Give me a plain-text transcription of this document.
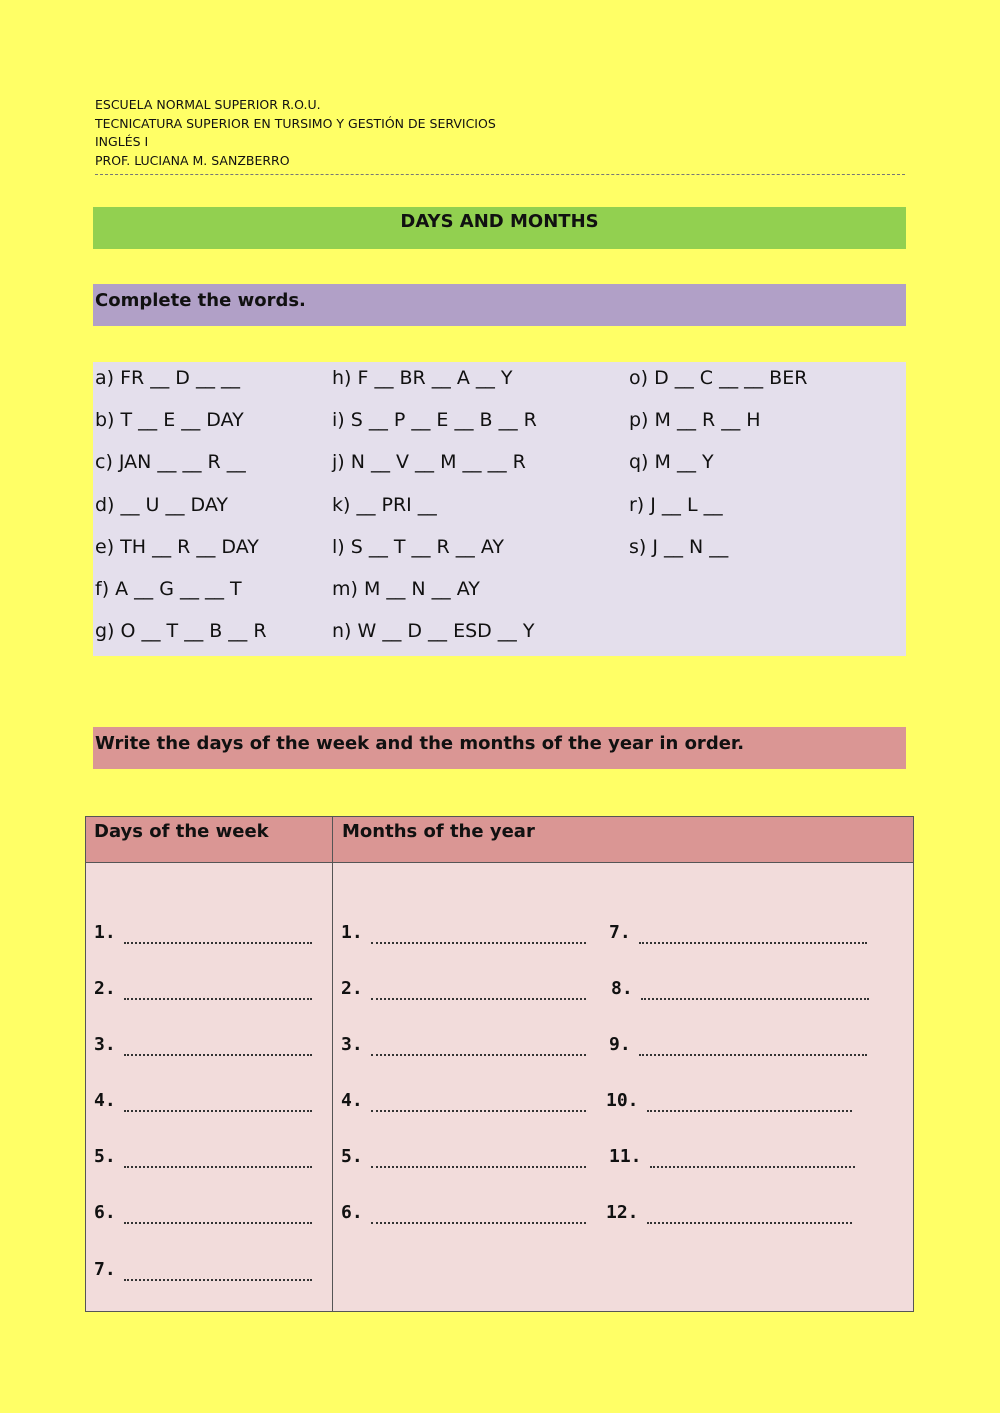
ESCUELA NORMAL SUPERIOR R.O.U.
TECNICATURA SUPERIOR EN TURSIMO Y GESTIÓN DE SERVICIOS
INGLÉS I
PROF. LUCIANA M. SANZBERRO
DAYS AND MONTHS
Complete the words.
a) FR __ D __ __
b) T __ E __ DAY
c) JAN __ __ R __
d) __ U __ DAY
e) TH __ R __ DAY
f) A __ G __ __ T
g) O __ T __ B __ R
h) F __ BR __ A __ Y
i) S __ P __ E __ B __ R
j) N __ V __ M __ __ R
k) __ PRI __
l) S __ T __ R __ AY
m) M __ N __ AY
n) W __ D __ ESD __ Y
o) D __ C __ __ BER
p) M __ R __ H
q) M __ Y
r) J __ L __
s) J __ N __
Write the days of the week and the months of the year in order.
Days of the week	Months of the year
1.
2.
3.
4.
5.
6.
7.
1.
2.
3.
4.
5.
6.
7.
8.
9.
10.
11.
12.
